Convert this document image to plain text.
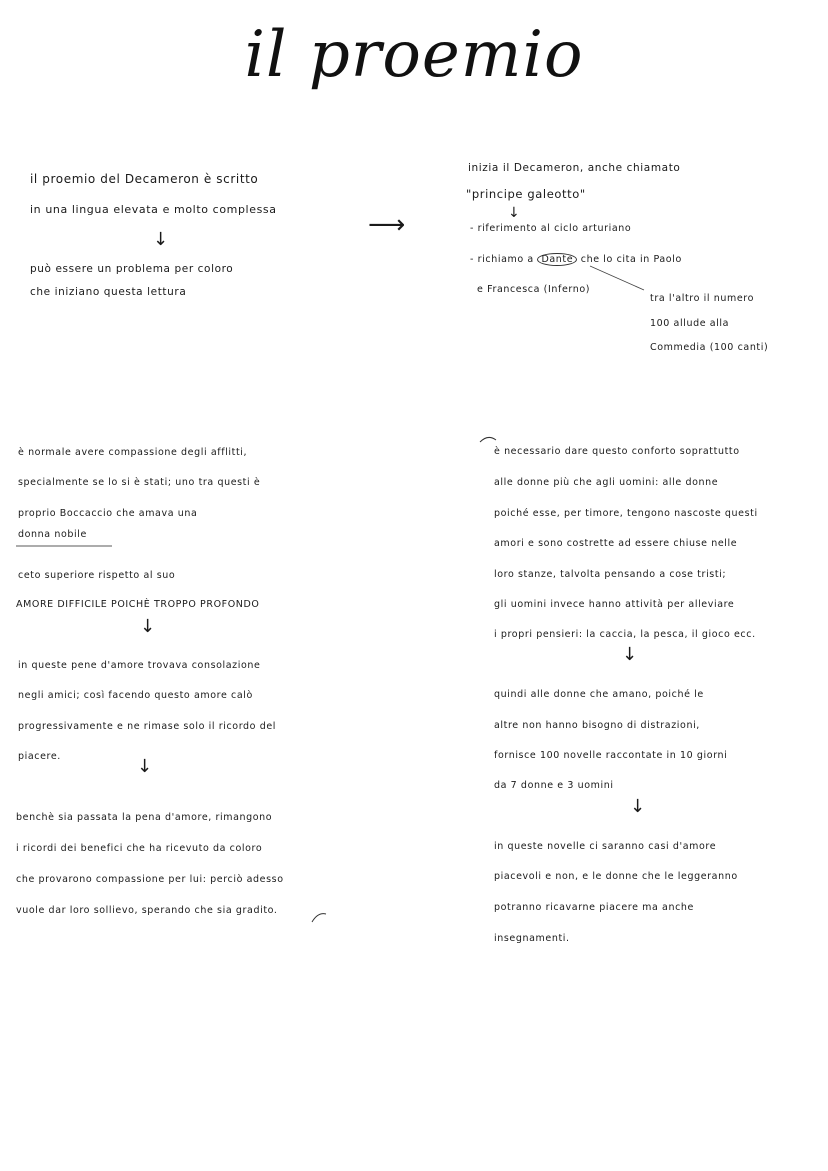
il proemio
il proemio del Decameron è scritto
in una lingua elevata e molto complessa
↓
può essere un problema per coloro
che iniziano questa lettura
⟶
inizia il Decameron, anche chiamato
"principe galeotto"
↓
- riferimento al ciclo arturiano
- richiamo a Dante che lo cita in Paolo
e Francesca (Inferno)
tra l'altro il numero
100 allude alla
Commedia (100 canti)
è normale avere compassione degli afflitti,
specialmente se lo si è stati; uno tra questi è
proprio Boccaccio che amava una
donna nobile
ceto superiore rispetto al suo
AMORE DIFFICILE POICHÈ TROPPO PROFONDO
↓
in queste pene d'amore trovava consolazione
negli amici; così facendo questo amore calò
progressivamente e ne rimase solo il ricordo del
piacere.	↓
benchè sia passata la pena d'amore, rimangono
i ricordi dei benefici che ha ricevuto da coloro
che provarono compassione per lui: perciò adesso
vuole dar loro sollievo, sperando che sia gradito.
è necessario dare questo conforto soprattutto
alle donne più che agli uomini: alle donne
poiché esse, per timore, tengono nascoste questi
amori e sono costrette ad essere chiuse nelle
loro stanze, talvolta pensando a cose tristi;
gli uomini invece hanno attività per alleviare
i propri pensieri: la caccia, la pesca, il gioco ecc.
↓
quindi alle donne che amano, poiché le
altre non hanno bisogno di distrazioni,
fornisce 100 novelle raccontate in 10 giorni
da 7 donne e 3 uomini
↓
in queste novelle ci saranno casi d'amore
piacevoli e non, e le donne che le leggeranno
potranno ricavarne piacere ma anche
insegnamenti.
